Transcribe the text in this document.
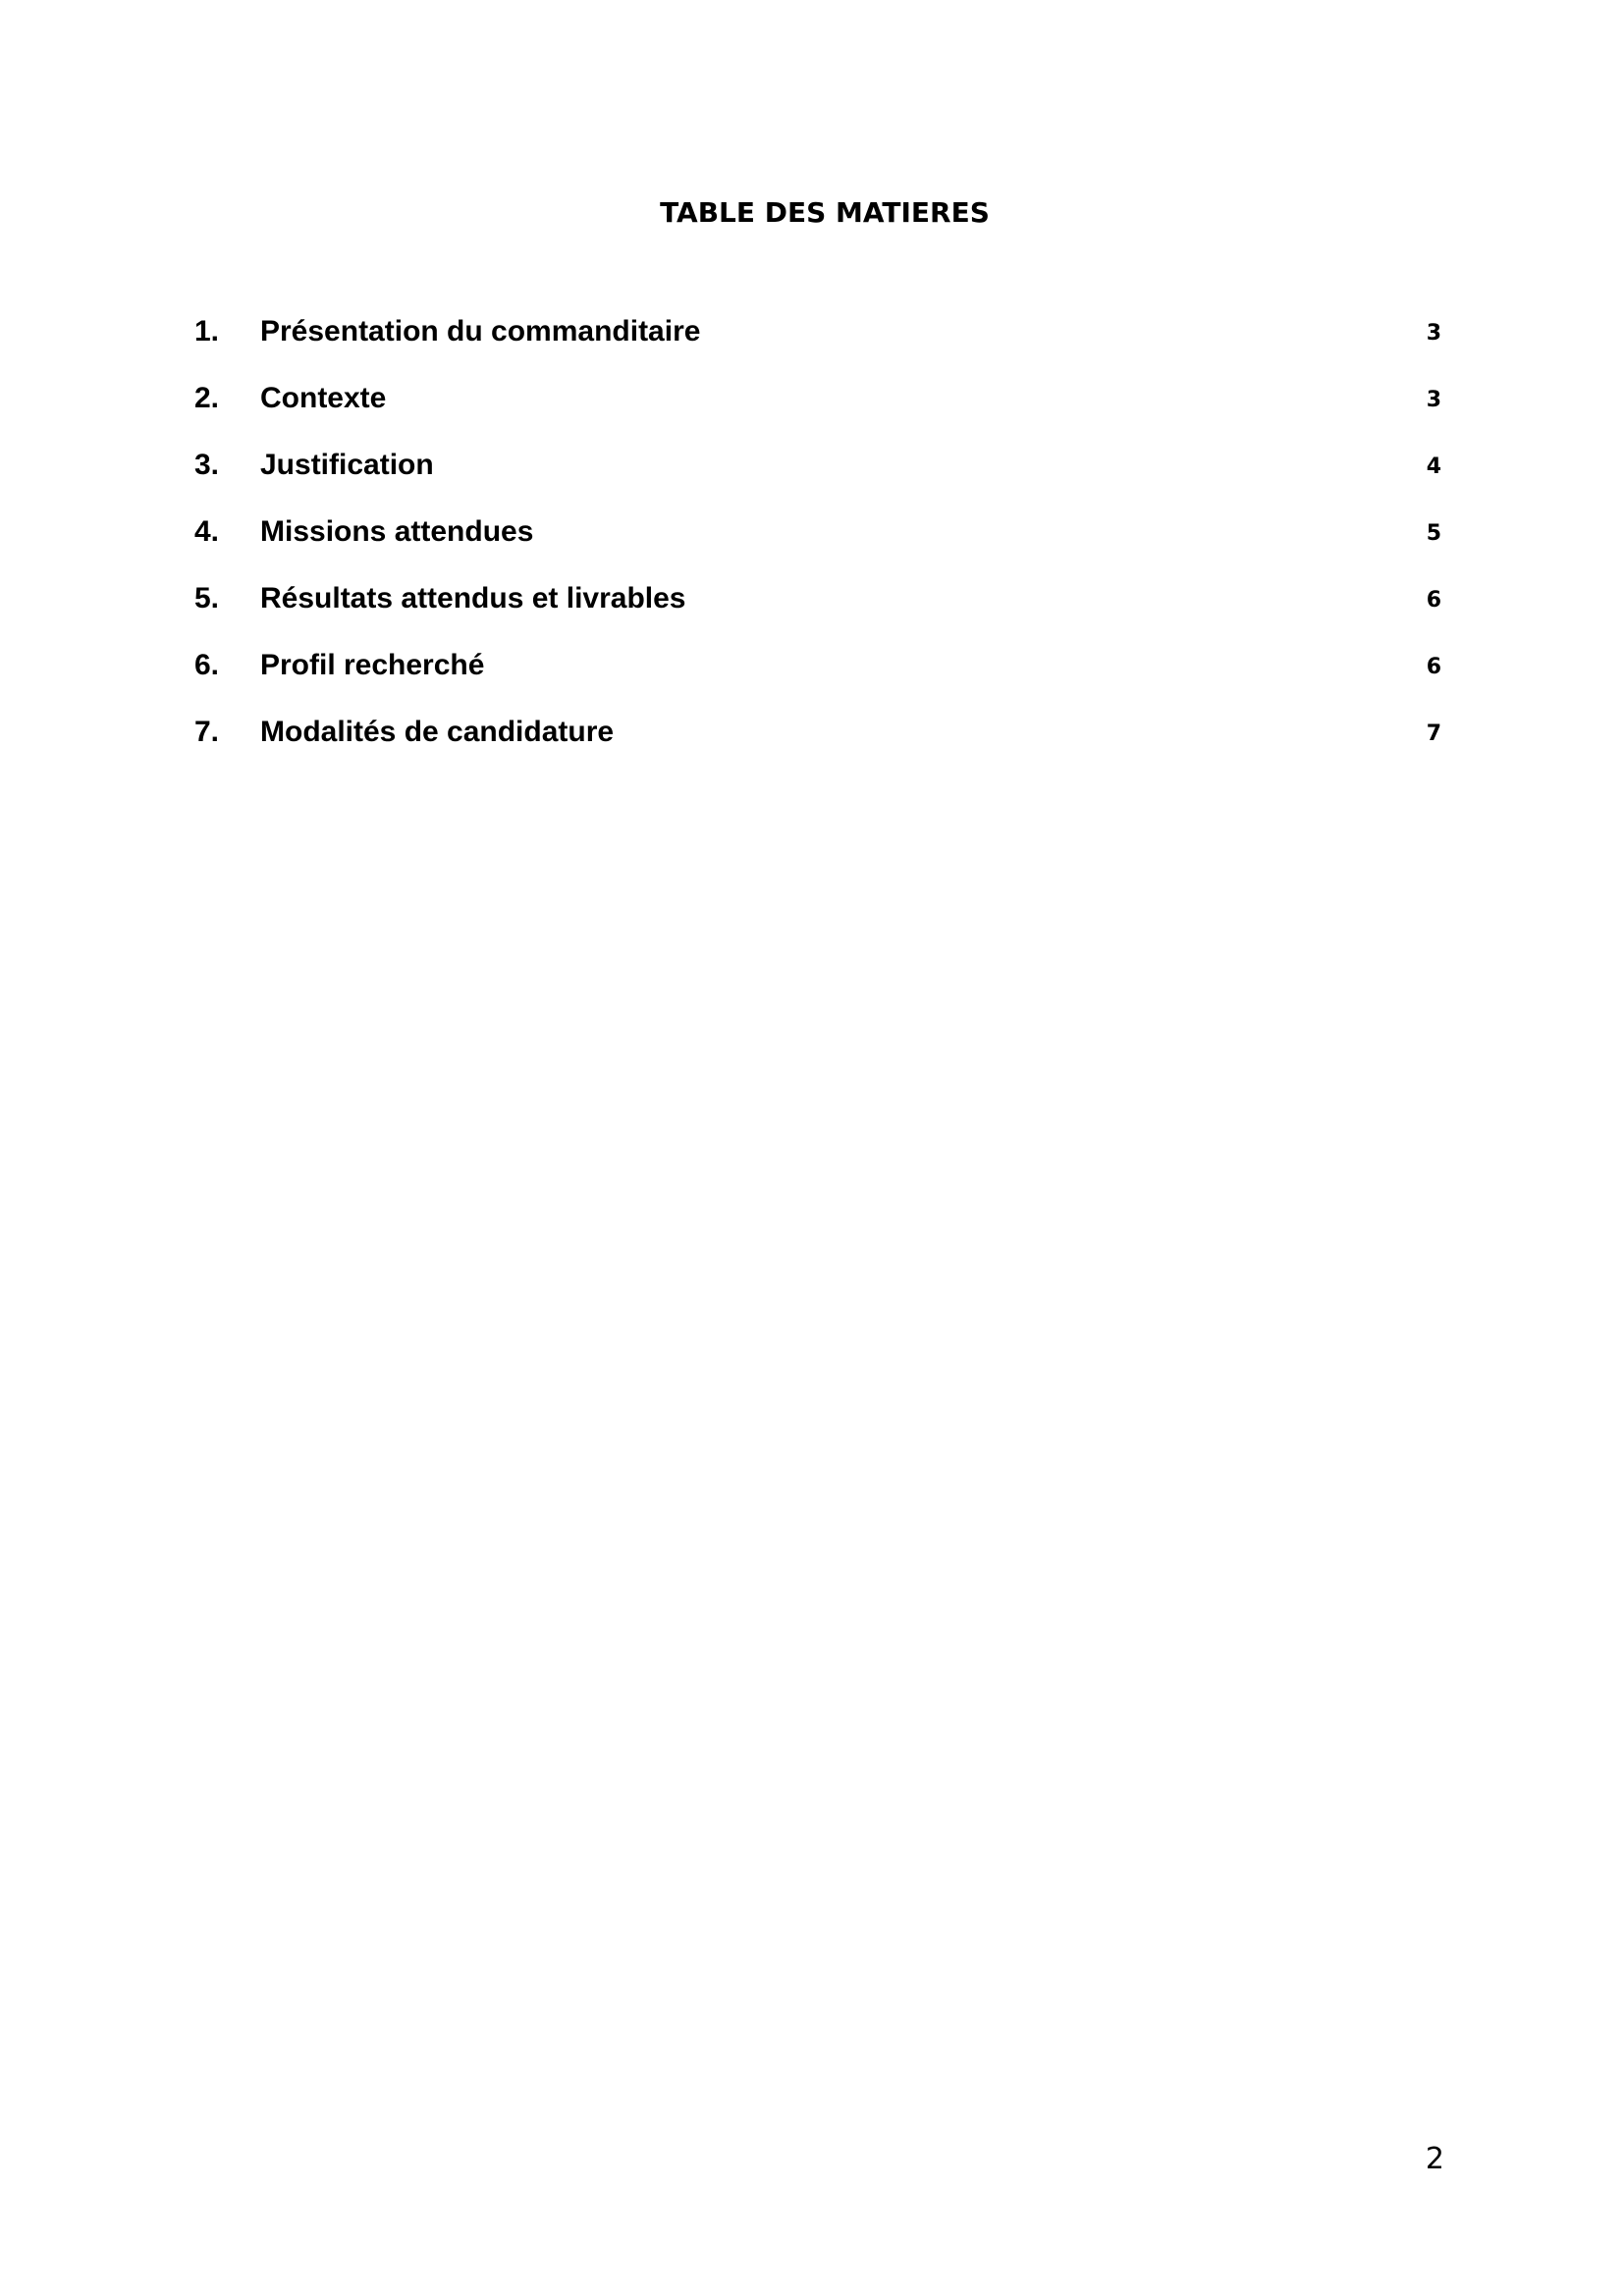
TABLE DES MATIERES
1. Présentation du commanditaire	3
2. Contexte	3
3. Justification	4
4. Missions attendues	5
5. Résultats attendus et livrables	6
6. Profil recherché	6
7. Modalités de candidature	7
2
